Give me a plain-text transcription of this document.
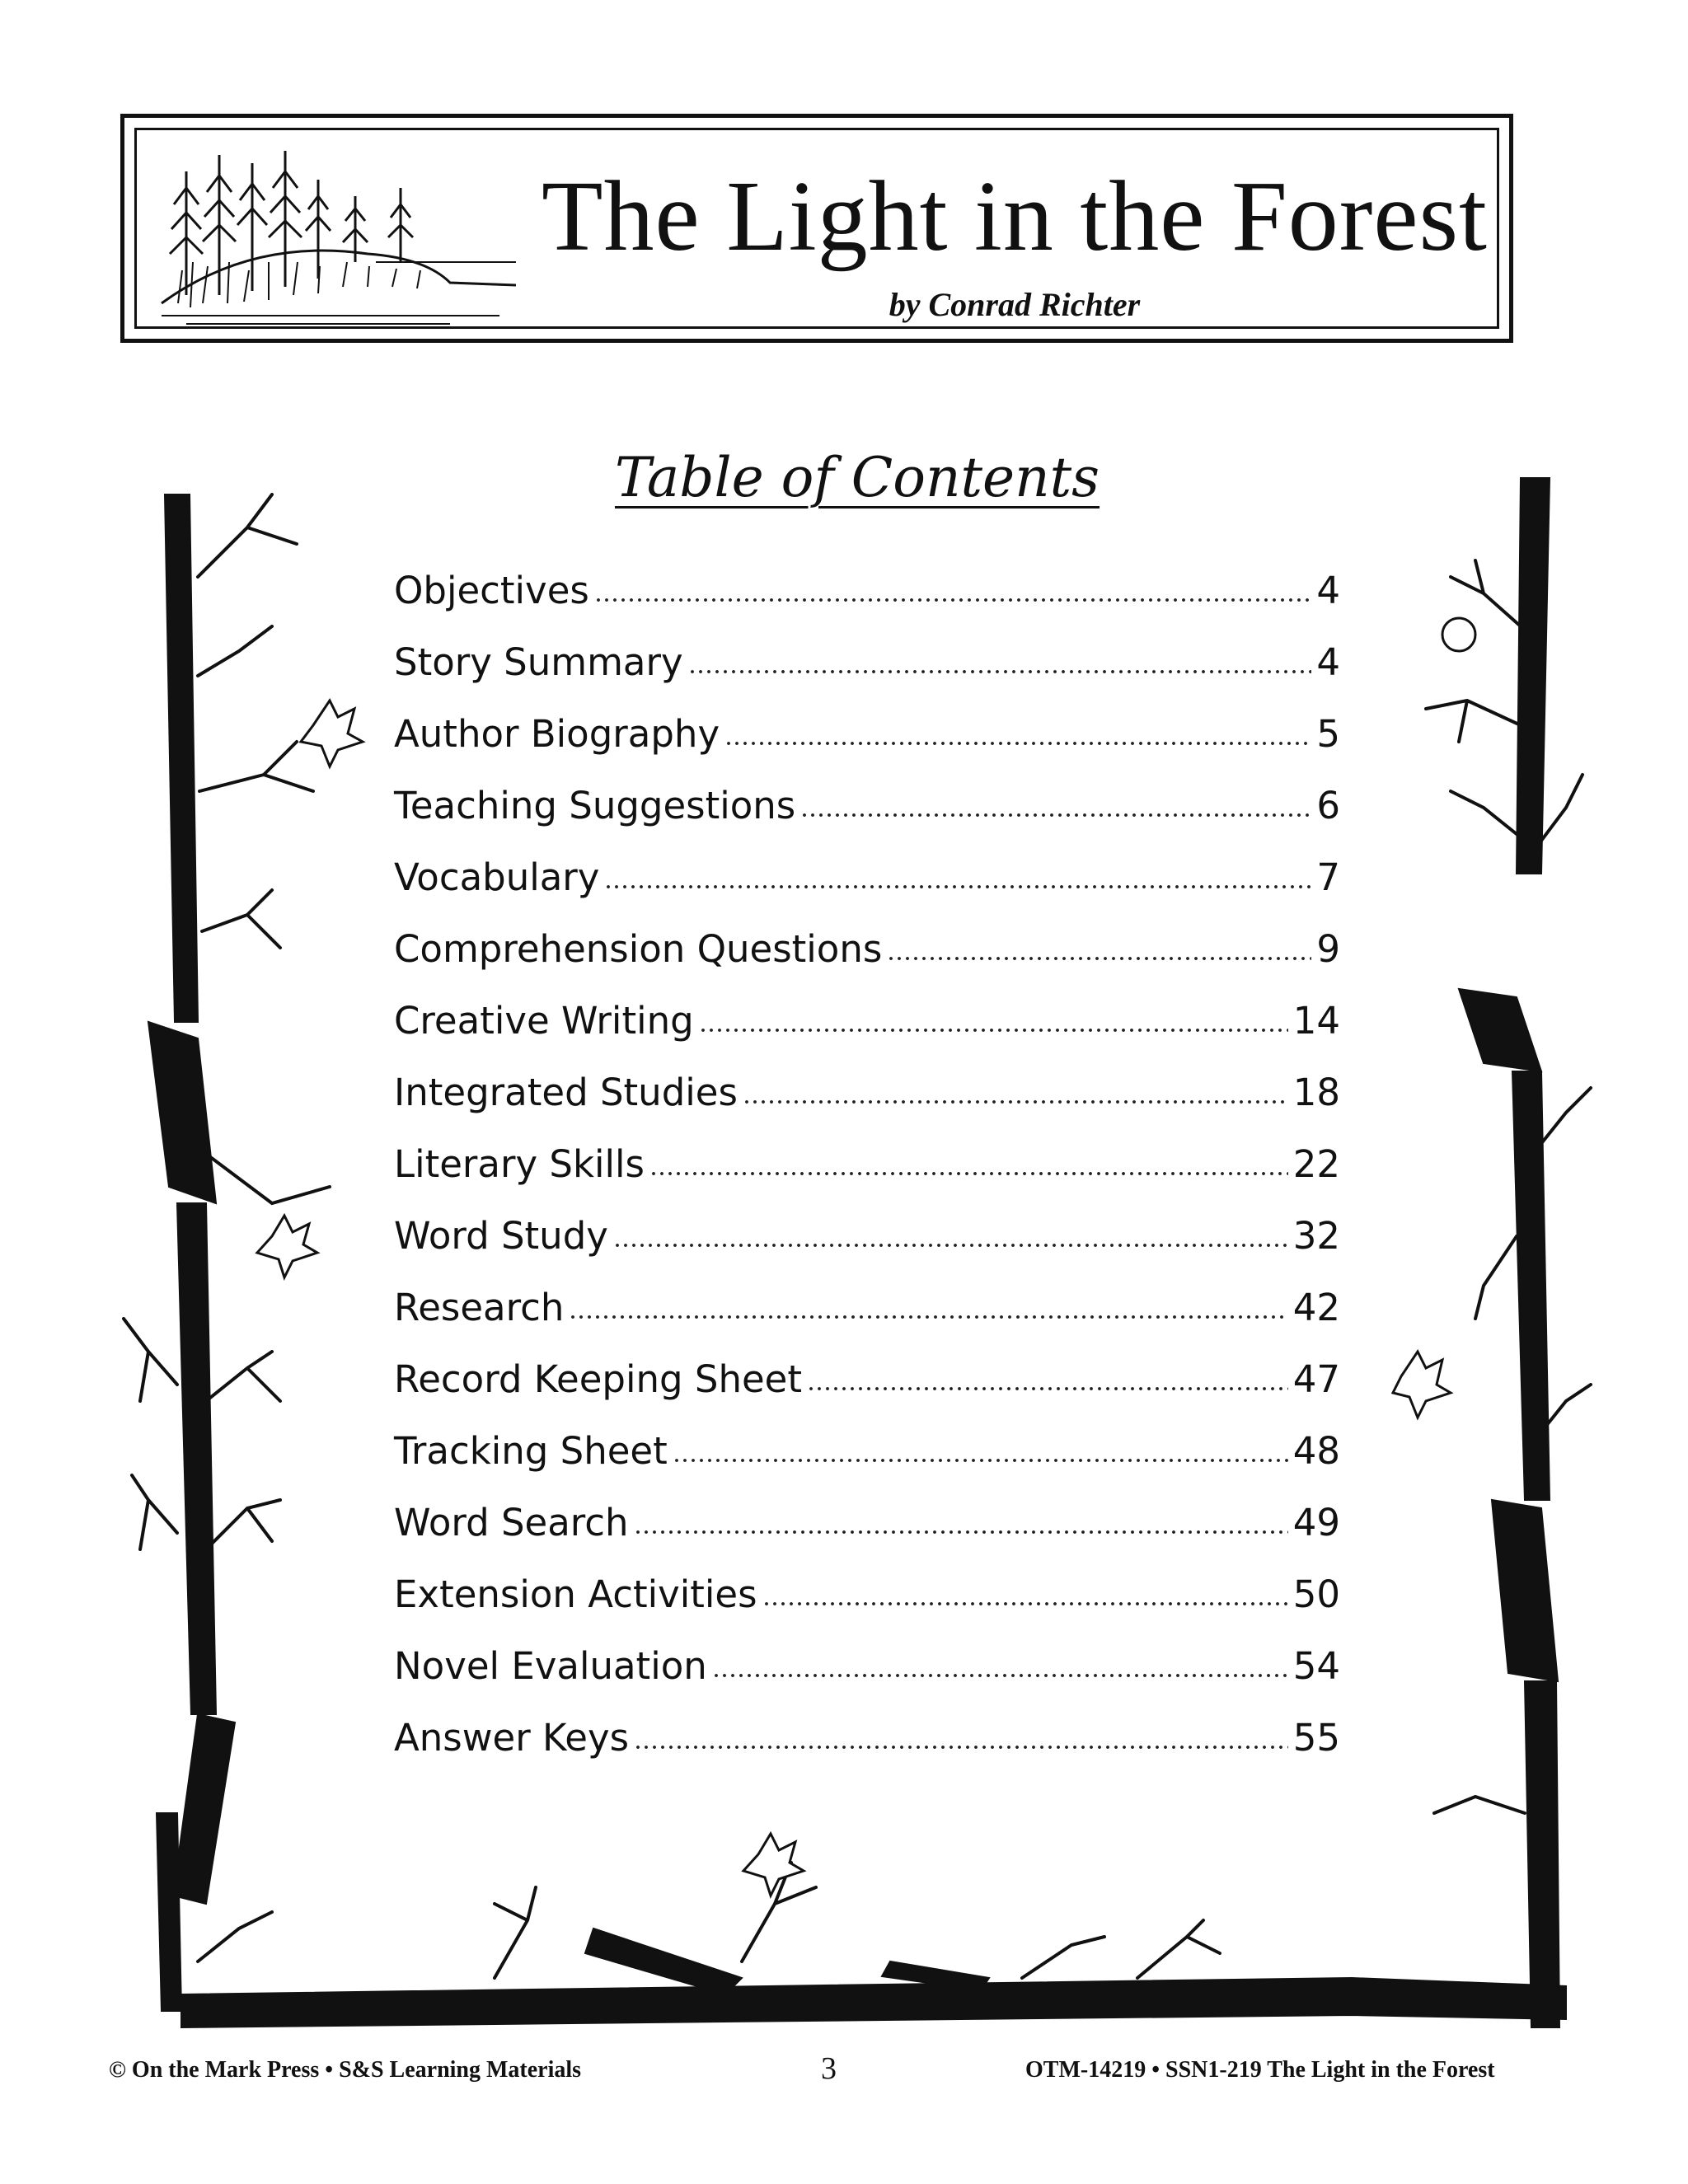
The Light in the Forest
by Conrad Richter
Table of Contents
Objectives	4
Story Summary	4
Author Biography	5
Teaching Suggestions	6
Vocabulary	7
Comprehension Questions	9
Creative Writing	14
Integrated Studies	18
Literary Skills	22
Word Study	32
Research	42
Record Keeping Sheet	47
Tracking Sheet	48
Word Search	49
Extension Activities	50
Novel Evaluation	54
Answer Keys	55
© On the Mark Press • S&S Learning Materials	3	OTM-14219 • SSN1-219 The Light in the Forest
